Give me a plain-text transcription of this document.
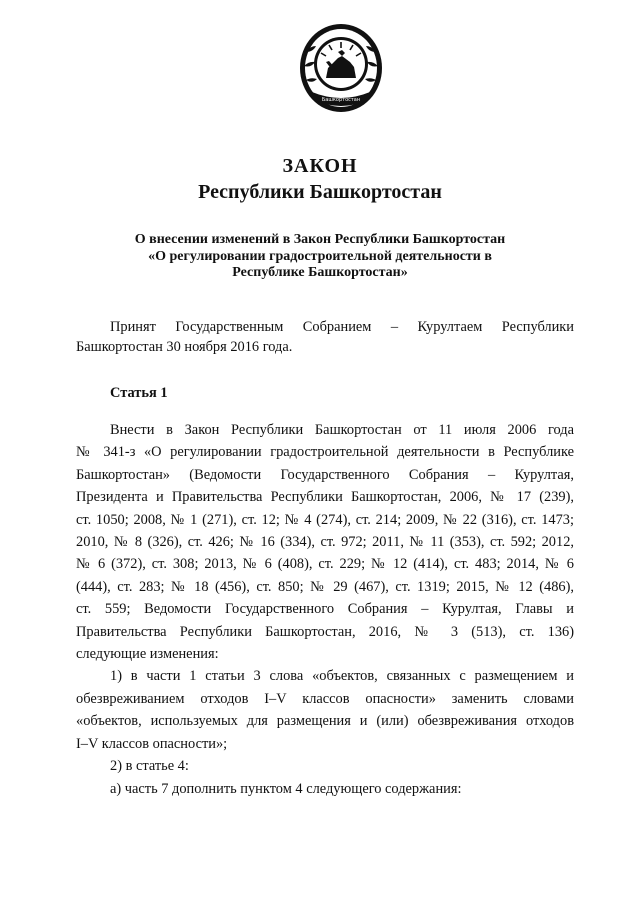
Башкортостан
ЗАКОН
Республики Башкортостан
О внесении изменений в Закон Республики Башкортостан
«О регулировании градостроительной деятельности в
Республике Башкортостан»
Принят Государственным Собранием – Курултаем Республики
Башкортостан 30 ноября 2016 года.
Статья 1
Внести в Закон Республики Башкортостан от 11 июля 2006 года
№ 341-з «О регулировании градостроительной деятельности в Республике
Башкортостан» (Ведомости Государственного Собрания – Курултая,
Президента и Правительства Республики Башкортостан, 2006, № 17 (239),
ст. 1050; 2008, № 1 (271), ст. 12; № 4 (274), ст. 214; 2009, № 22 (316), ст. 1473;
2010, № 8 (326), ст. 426; № 16 (334), ст. 972; 2011, № 11 (353), ст. 592; 2012,
№ 6 (372), ст. 308; 2013, № 6 (408), ст. 229; № 12 (414), ст. 483; 2014, № 6
(444), ст. 283; № 18 (456), ст. 850; № 29 (467), ст. 1319; 2015, № 12 (486),
ст. 559; Ведомости Государственного Собрания – Курултая, Главы и
Правительства Республики Башкортостан, 2016, № 3 (513), ст. 136)
следующие изменения:
1) в части 1 статьи 3 слова «объектов, связанных с размещением и
обезвреживанием отходов I–V классов опасности» заменить словами
«объектов, используемых для размещения и (или) обезвреживания отходов
I–V классов опасности»;
2) в статье 4:
а) часть 7 дополнить пунктом 4 следующего содержания:
